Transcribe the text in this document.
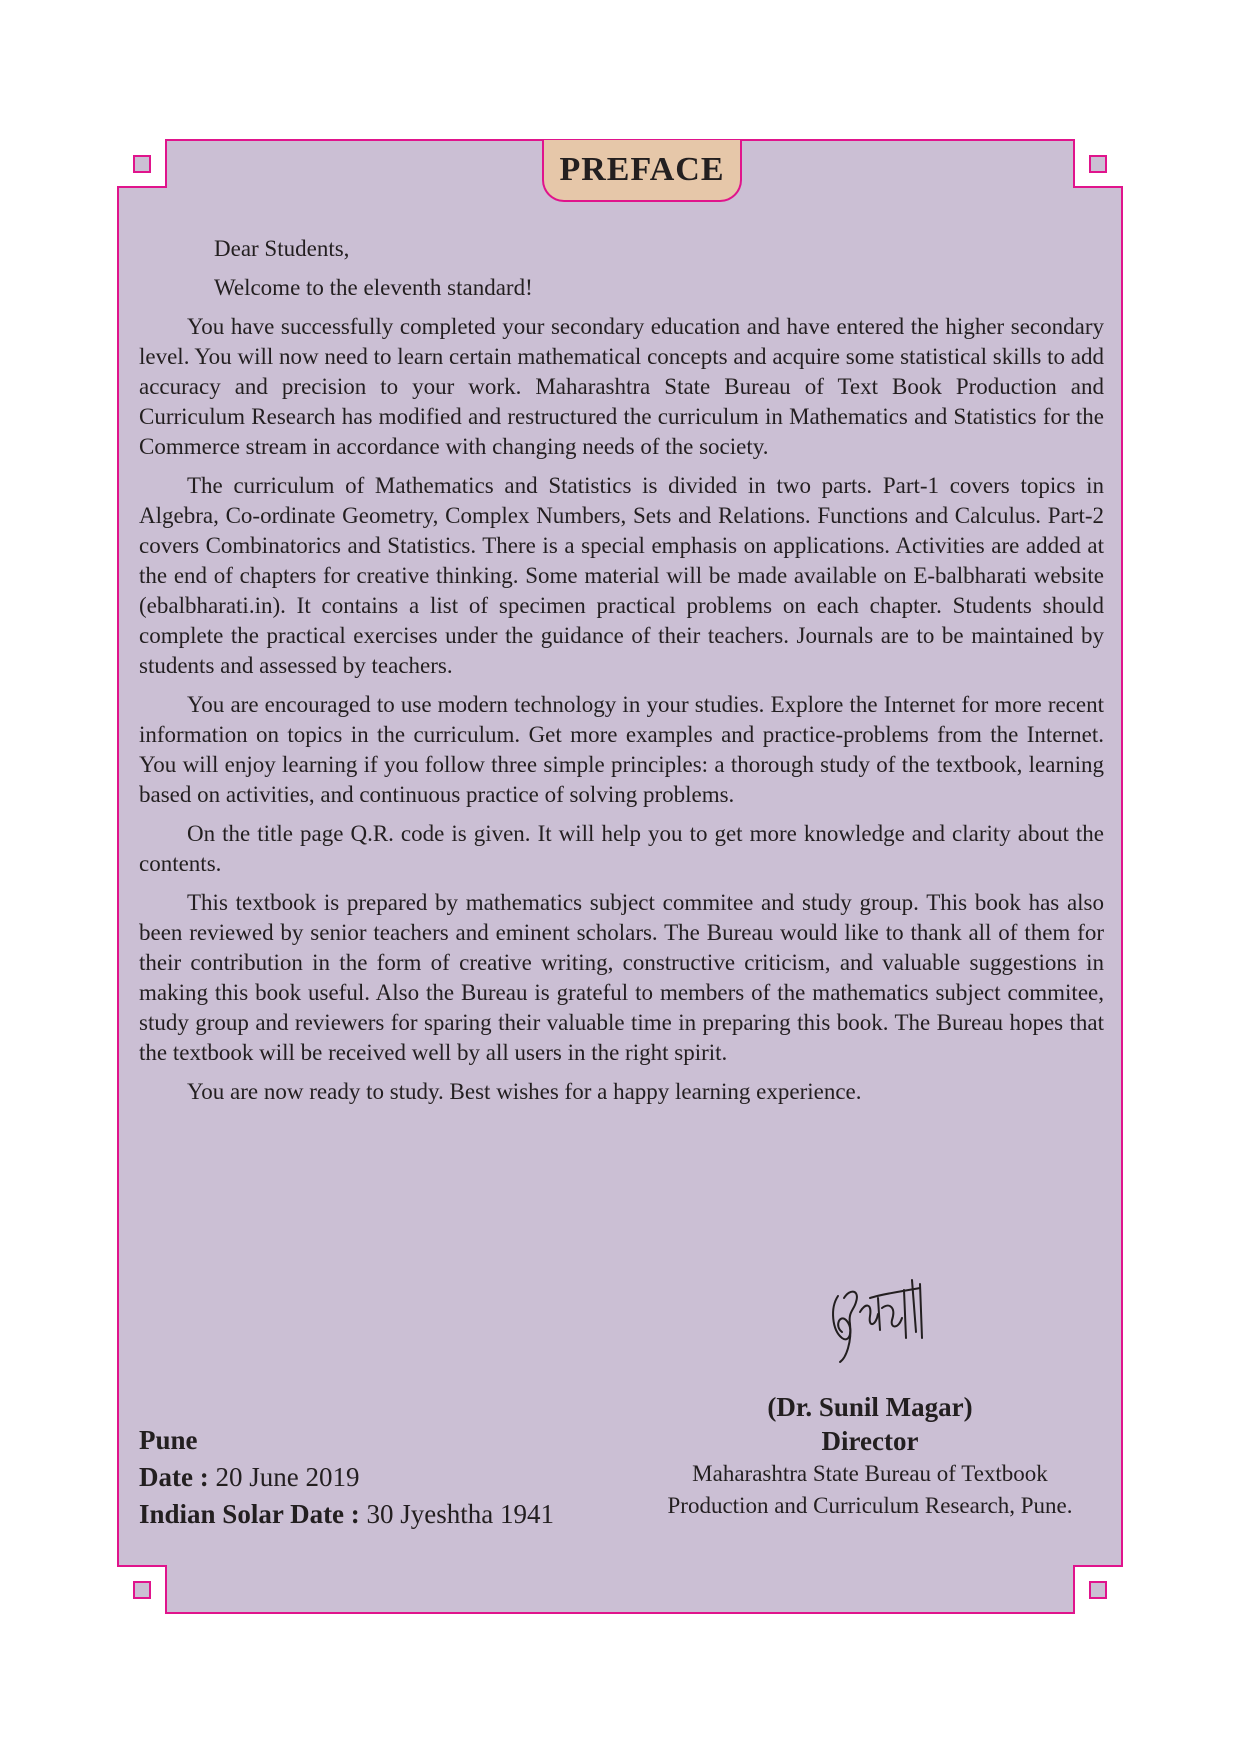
PREFACE

Dear Students,

Welcome to the eleventh standard!

You have successfully completed your secondary education and have entered the higher secondary level. You will now need to learn certain mathematical concepts and acquire some statistical skills to add accuracy and precision to your work. Maharashtra State Bureau of Text Book Production and Curriculum Research has modified and restructured the curriculum in Mathematics and Statistics for the Commerce stream in accordance with changing needs of the society.

The curriculum of Mathematics and Statistics is divided in two parts. Part-1 covers topics in Algebra, Co-ordinate Geometry, Complex Numbers, Sets and Relations. Functions and Calculus. Part-2 covers Combinatorics and Statistics. There is a special emphasis on applications. Activities are added at the end of chapters for creative thinking. Some material will be made available on E-balbharati website (ebalbharati.in). It contains a list of specimen practical problems on each chapter. Students should complete the practical exercises under the guidance of their teachers. Journals are to be maintained by students and assessed by teachers.

You are encouraged to use modern technology in your studies. Explore the Internet for more recent information on topics in the curriculum. Get more examples and practice-problems from the Internet. You will enjoy learning if you follow three simple principles: a thorough study of the textbook, learning based on activities, and continuous practice of solving problems.

On the title page Q.R. code is given. It will help you to get more knowledge and clarity about the contents.

This textbook is prepared by mathematics subject commitee and study group. This book has also been reviewed by senior teachers and eminent scholars. The Bureau would like to thank all of them for their contribution in the form of creative writing, constructive criticism, and valuable suggestions in making this book useful. Also the Bureau is grateful to members of the mathematics subject commitee, study group and reviewers for sparing their valuable time in preparing this book. The Bureau hopes that the textbook will be received well by all users in the right spirit.

You are now ready to study. Best wishes for a happy learning experience.

(Dr. Sunil Magar)
Director
Maharashtra State Bureau of Textbook
Production and Curriculum Research, Pune.
Pune
Date : 20 June 2019
Indian Solar Date : 30 Jyeshtha 1941
